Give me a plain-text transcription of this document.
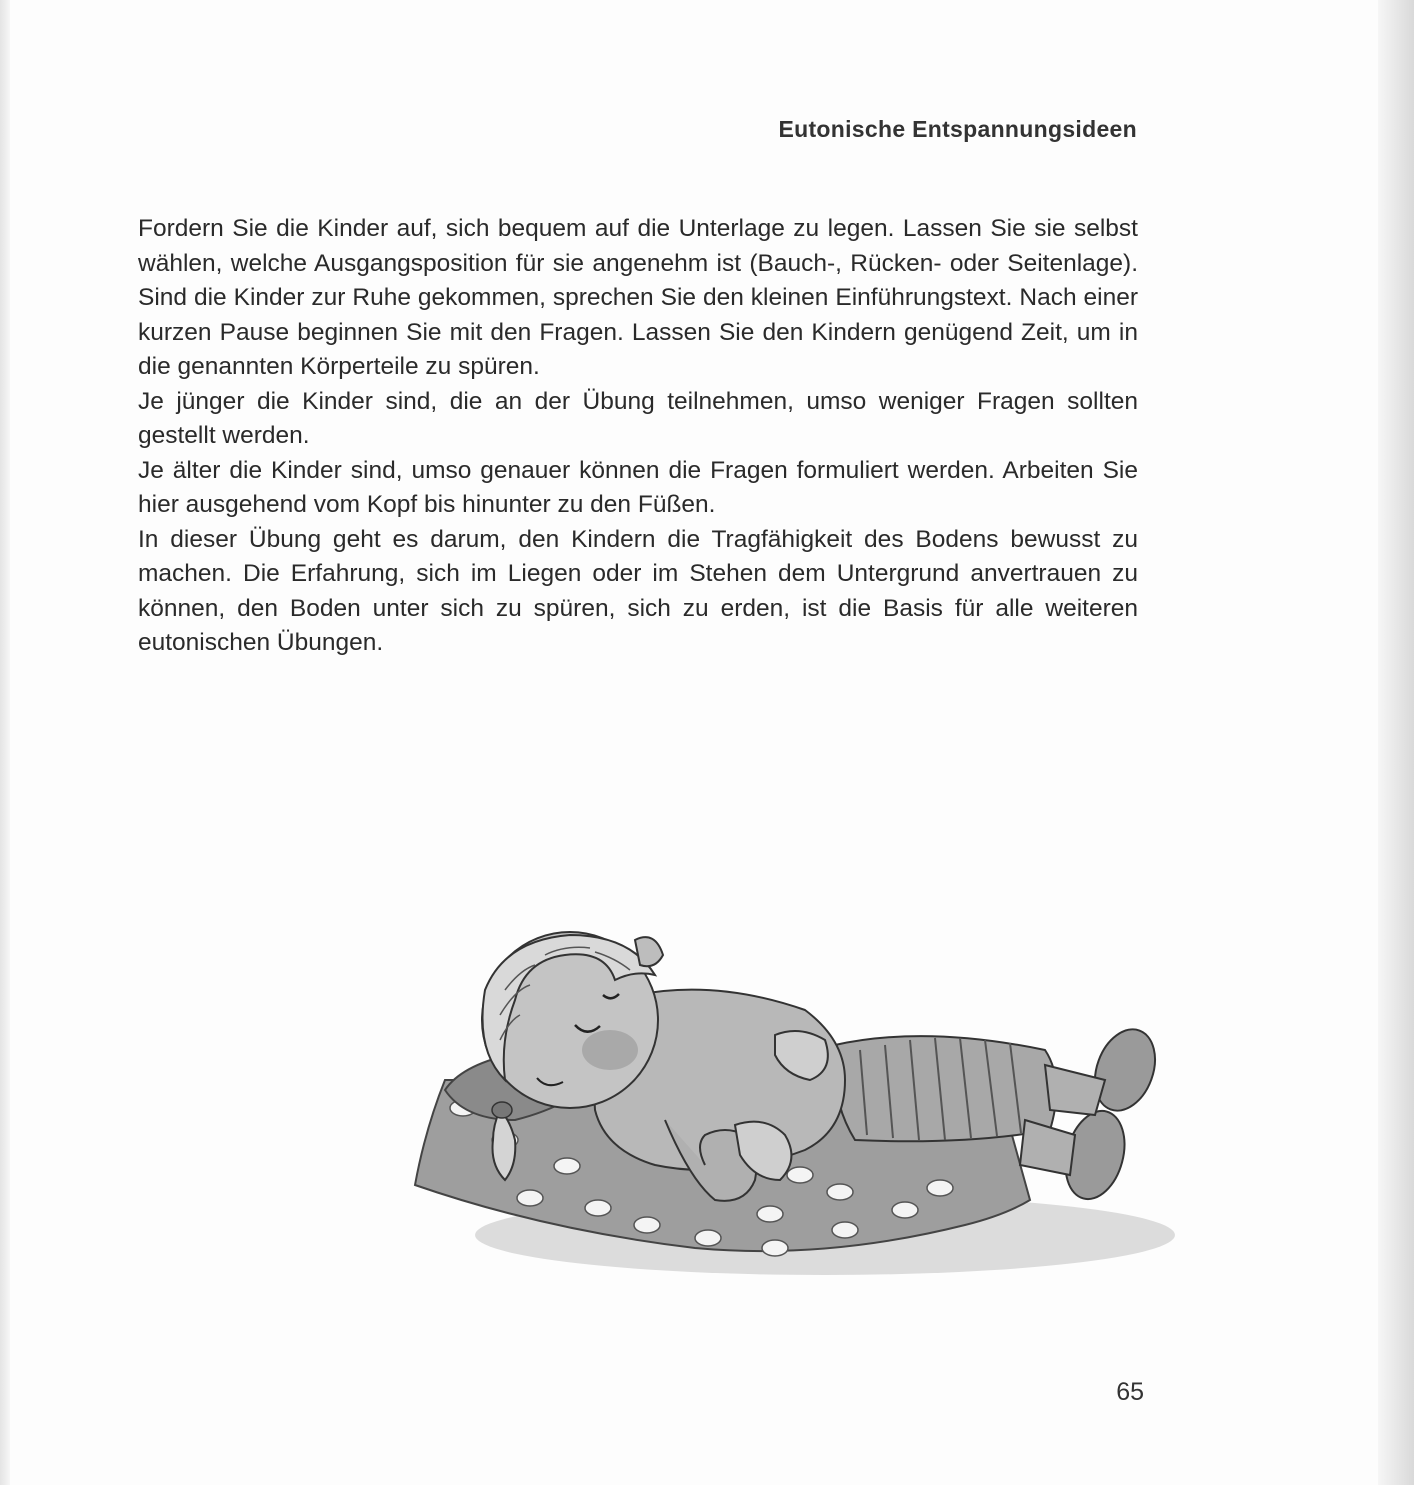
Eutonische Entspannungsideen

Fordern Sie die Kinder auf, sich bequem auf die Unterlage zu legen. Lassen Sie sie selbst wählen, welche Ausgangsposition für sie angenehm ist (Bauch-, Rücken- oder Seitenlage). Sind die Kinder zur Ruhe gekommen, sprechen Sie den kleinen Einführungstext. Nach einer kurzen Pause beginnen Sie mit den Fragen. Lassen Sie den Kindern genügend Zeit, um in die genannten Körperteile zu spüren.

Je jünger die Kinder sind, die an der Übung teilnehmen, umso weniger Fragen sollten gestellt werden.

Je älter die Kinder sind, umso genauer können die Fragen formuliert werden. Arbeiten Sie hier ausgehend vom Kopf bis hinunter zu den Füßen.

In dieser Übung geht es darum, den Kindern die Tragfähigkeit des Bodens bewusst zu machen. Die Erfahrung, sich im Liegen oder im Stehen dem Untergrund anvertrauen zu können, den Boden unter sich zu spüren, sich zu erden, ist die Basis für alle weiteren eutonischen Übungen.

65
